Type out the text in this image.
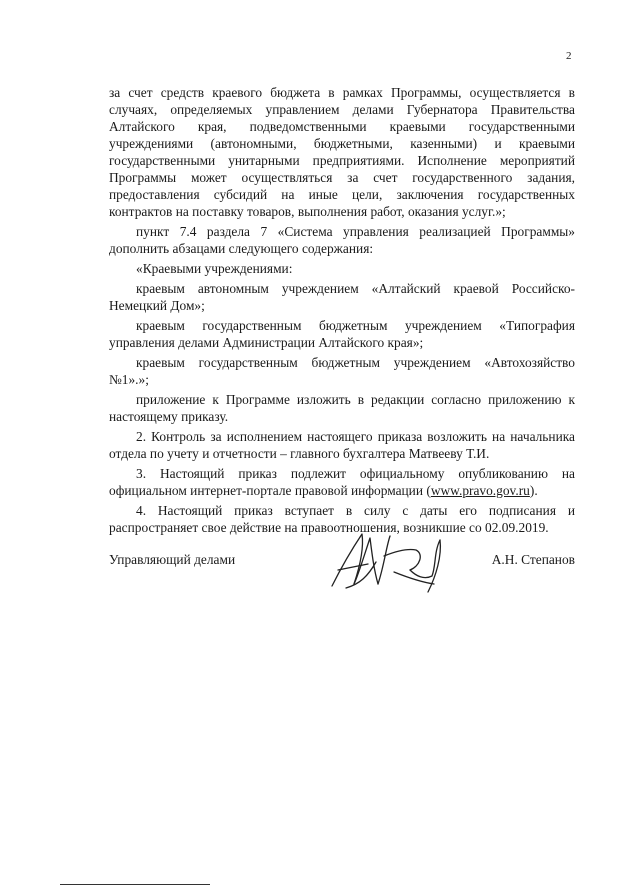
2

за счет средств краевого бюджета в рамках Программы, осуществляется в случаях, определяемых управлением делами Губернатора Правительства Алтайского края, подведомственными краевыми государственными учреждениями (автономными, бюджетными, казенными) и краевыми государственными унитарными предприятиями. Исполнение мероприятий Программы может осуществляться за счет государственного задания, предоставления субсидий на иные цели, заключения государственных контрактов на поставку товаров, выполнения работ, оказания услуг.»;

пункт 7.4 раздела 7 «Система управления реализацией Программы» дополнить абзацами следующего содержания:

«Краевыми учреждениями:

краевым автономным учреждением «Алтайский краевой Российско-Немецкий Дом»;

краевым государственным бюджетным учреждением «Типография управления делами Администрации Алтайского края»;

краевым государственным бюджетным учреждением «Автохозяйство №1».»;

приложение к Программе изложить в редакции согласно приложению к настоящему приказу.

2. Контроль за исполнением настоящего приказа возложить на начальника отдела по учету и отчетности – главного бухгалтера Матвееву Т.И.

3. Настоящий приказ подлежит официальному опубликованию на официальном интернет-портале правовой информации (www.pravo.gov.ru).

4. Настоящий приказ вступает в силу с даты его подписания и распространяет свое действие на правоотношения, возникшие со 02.09.2019.

Управляющий делами	А.Н. Степанов
